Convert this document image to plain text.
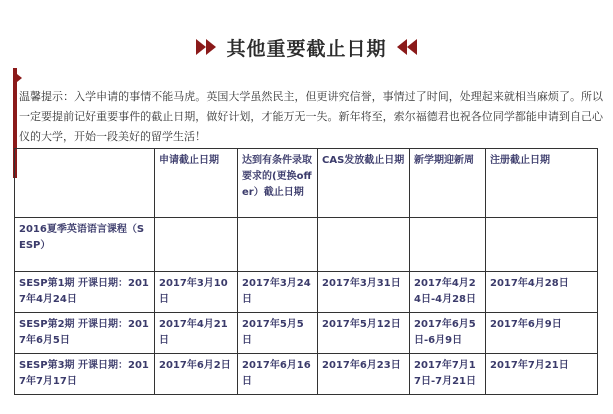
其他重要截止日期

温馨提示：入学申请的事情不能马虎。英国大学虽然民主，但更讲究信誉，事情过了时间，处理起来就相当麻烦了。所以一定要提前记好重要事件的截止日期，做好计划，才能万无一失。新年将至，索尔福德君也祝各位同学都能申请到自己心仪的大学，开始一段美好的留学生活！

	申请截止日期	达到有条件录取要求的(更换offer）截止日期	CAS发放截止日期	新学期迎新周	注册截止日期
2016夏季英语语言课程（SESP）					
SESP第1期 开课日期：2017年4月24日	2017年3月10日	2017年3月24日	2017年3月31日	2017年4月24日-4月28日	2017年4月28日
SESP第2期 开课日期：2017年6月5日	2017年4月21日	2017年5月5日	2017年5月12日	2017年6月5日-6月9日	2017年6月9日
SESP第3期 开课日期：2017年7月17日	2017年6月2日	2017年6月16日	2017年6月23日	2017年7月17日-7月21日	2017年7月21日
